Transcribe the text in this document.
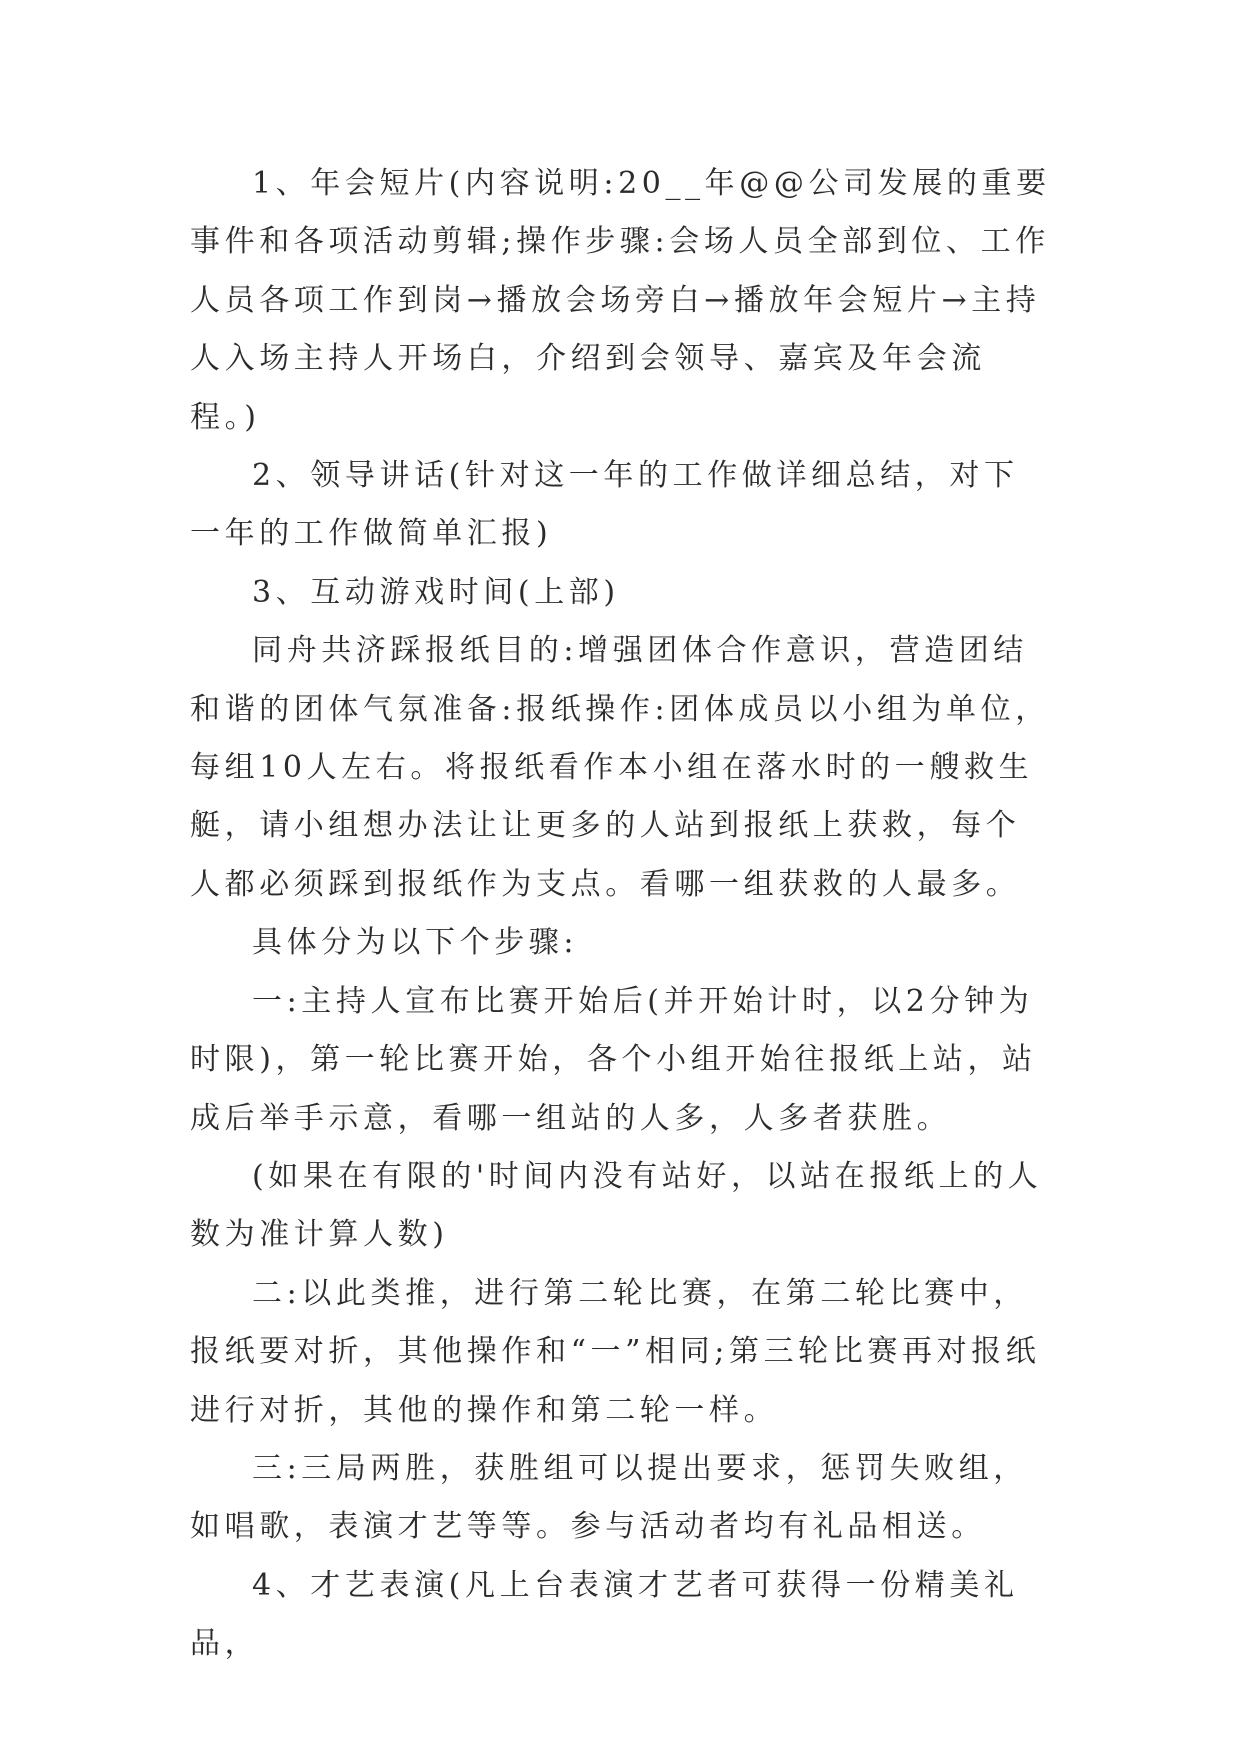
1、年会短片(内容说明:20__年@@公司发展的重要事件和各项活动剪辑;操作步骤:会场人员全部到位、工作人员各项工作到岗→播放会场旁白→播放年会短片→主持人入场主持人开场白，介绍到会领导、嘉宾及年会流程。)

2、领导讲话(针对这一年的工作做详细总结，对下一年的工作做简单汇报)

3、互动游戏时间(上部)

同舟共济踩报纸目的:增强团体合作意识，营造团结和谐的团体气氛准备:报纸操作:团体成员以小组为单位，每组10人左右。将报纸看作本小组在落水时的一艘救生艇，请小组想办法让让更多的人站到报纸上获救，每个人都必须踩到报纸作为支点。看哪一组获救的人最多。

具体分为以下个步骤:

一:主持人宣布比赛开始后(并开始计时，以2分钟为时限)，第一轮比赛开始，各个小组开始往报纸上站，站成后举手示意，看哪一组站的人多，人多者获胜。

(如果在有限的'时间内没有站好，以站在报纸上的人数为准计算人数)

二:以此类推，进行第二轮比赛，在第二轮比赛中，报纸要对折，其他操作和“一”相同;第三轮比赛再对报纸进行对折，其他的操作和第二轮一样。

三:三局两胜，获胜组可以提出要求，惩罚失败组，如唱歌，表演才艺等等。参与活动者均有礼品相送。

4、才艺表演(凡上台表演才艺者可获得一份精美礼品，
